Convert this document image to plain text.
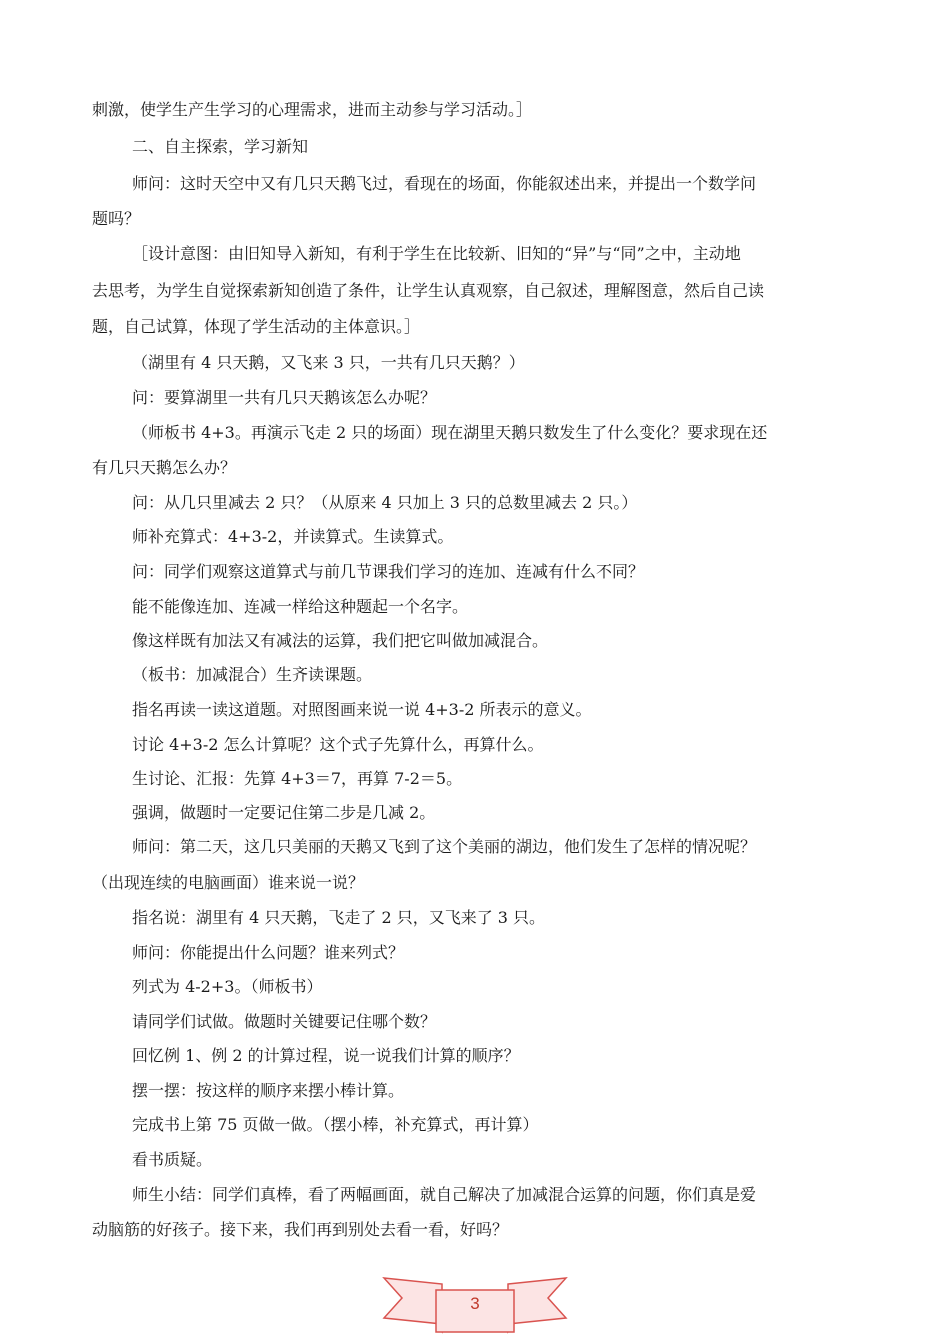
刺激，使学生产生学习的心理需求，进而主动参与学习活动。］
二、自主探索，学习新知
师问：这时天空中又有几只天鹅飞过，看现在的场面，你能叙述出来，并提出一个数学问
题吗？
［设计意图：由旧知导入新知，有利于学生在比较新、旧知的“异”与“同”之中，主动地
去思考，为学生自觉探索新知创造了条件，让学生认真观察，自己叙述，理解图意，然后自己读
题，自己试算，体现了学生活动的主体意识。］
（湖里有 4 只天鹅，又飞来 3 只，一共有几只天鹅？）
问：要算湖里一共有几只天鹅该怎么办呢？
（师板书 4+3。再演示飞走 2 只的场面）现在湖里天鹅只数发生了什么变化？要求现在还
有几只天鹅怎么办？
问：从几只里减去 2 只？（从原来 4 只加上 3 只的总数里减去 2 只。）
师补充算式：4+3-2，并读算式。生读算式。
问：同学们观察这道算式与前几节课我们学习的连加、连减有什么不同？
能不能像连加、连减一样给这种题起一个名字。
像这样既有加法又有减法的运算，我们把它叫做加减混合。
（板书：加减混合）生齐读课题。
指名再读一读这道题。对照图画来说一说 4+3-2 所表示的意义。
讨论 4+3-2 怎么计算呢？这个式子先算什么，再算什么。
生讨论、汇报：先算 4+3＝7，再算 7-2＝5。
强调，做题时一定要记住第二步是几减 2。
师问：第二天，这几只美丽的天鹅又飞到了这个美丽的湖边，他们发生了怎样的情况呢？
（出现连续的电脑画面）谁来说一说？
指名说：湖里有 4 只天鹅，飞走了 2 只，又飞来了 3 只。
师问：你能提出什么问题？谁来列式？
列式为 4-2+3。（师板书）
请同学们试做。做题时关键要记住哪个数？
回忆例 1、例 2 的计算过程，说一说我们计算的顺序？
摆一摆：按这样的顺序来摆小棒计算。
完成书上第 75 页做一做。（摆小棒，补充算式，再计算）
看书质疑。
师生小结：同学们真棒，看了两幅画面，就自己解决了加减混合运算的问题，你们真是爱
动脑筋的好孩子。接下来，我们再到别处去看一看，好吗？
3
